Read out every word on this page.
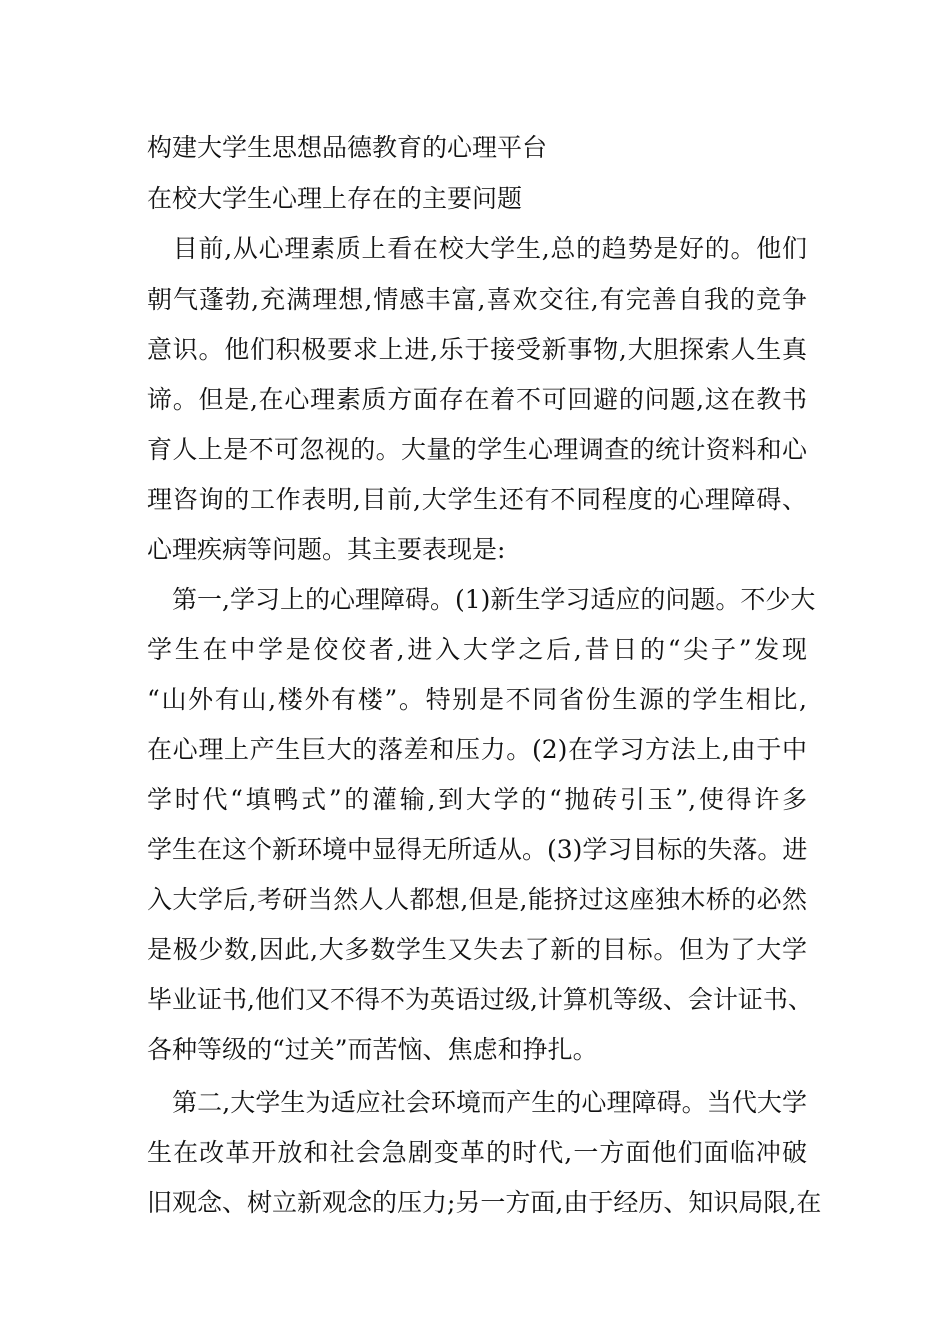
构建大学生思想品德教育的心理平台
在校大学生心理上存在的主要问题
　目前,从心理素质上看在校大学生,总的趋势是好的。他们
朝气蓬勃,充满理想,情感丰富,喜欢交往,有完善自我的竞争
意识。他们积极要求上进,乐于接受新事物,大胆探索人生真
谛。但是,在心理素质方面存在着不可回避的问题,这在教书
育人上是不可忽视的。大量的学生心理调查的统计资料和心
理咨询的工作表明,目前,大学生还有不同程度的心理障碍、
心理疾病等问题。其主要表现是:
　第一,学习上的心理障碍。(1)新生学习适应的问题。不少大
学生在中学是佼佼者,进入大学之后,昔日的“尖子”发现
“山外有山,楼外有楼”。特别是不同省份生源的学生相比,
在心理上产生巨大的落差和压力。(2)在学习方法上,由于中
学时代“填鸭式”的灌输,到大学的“抛砖引玉”,使得许多
学生在这个新环境中显得无所适从。(3)学习目标的失落。进
入大学后,考研当然人人都想,但是,能挤过这座独木桥的必然
是极少数,因此,大多数学生又失去了新的目标。但为了大学
毕业证书,他们又不得不为英语过级,计算机等级、会计证书、
各种等级的“过关”而苦恼、焦虑和挣扎。
　第二,大学生为适应社会环境而产生的心理障碍。当代大学
生在改革开放和社会急剧变革的时代,一方面他们面临冲破
旧观念、树立新观念的压力;另一方面,由于经历、知识局限,在
